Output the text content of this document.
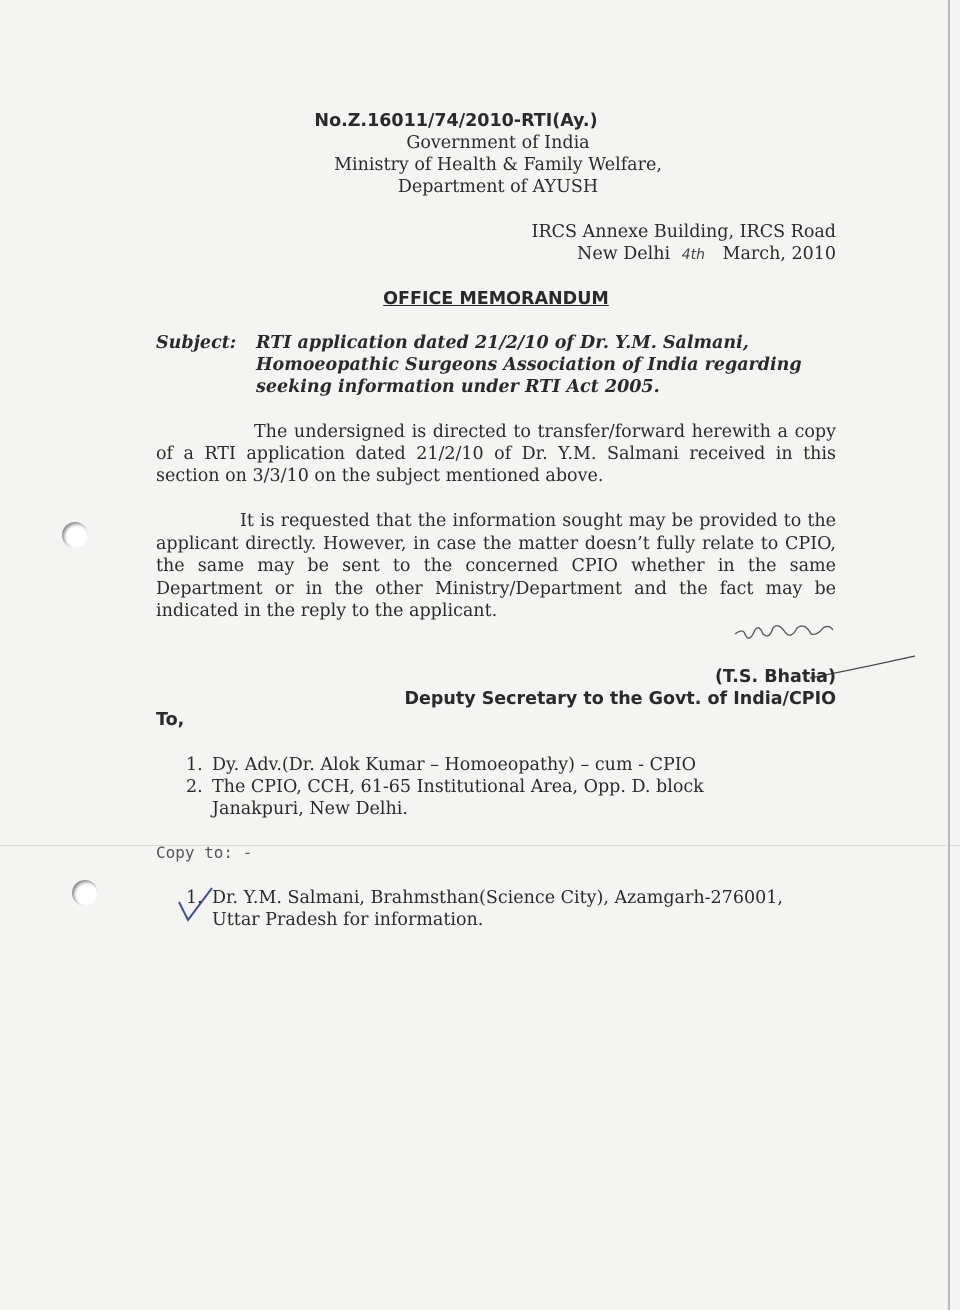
No.Z.16011/74/2010-RTI(Ay.)
Government of India
Ministry of Health & Family Welfare,
Department of AYUSH
IRCS Annexe Building, IRCS Road
New Delhi 4th March, 2010
OFFICE MEMORANDUM
Subject: RTI application dated 21/2/10 of Dr. Y.M. Salmani,
Homoeopathic Surgeons Association of India regarding
seeking information under RTI Act 2005.
The undersigned is directed to transfer/forward herewith a copy of a RTI application dated 21/2/10 of Dr. Y.M. Salmani received in this section on 3/3/10 on the subject mentioned above.
It is requested that the information sought may be provided to the applicant directly. However, in case the matter doesn’t fully relate to CPIO, the same may be sent to the concerned CPIO whether in the same Department or in the other Ministry/Department and the fact may be indicated in the reply to the applicant.
(T.S. Bhatia)
Deputy Secretary to the Govt. of India/CPIO
To,
1. Dy. Adv.(Dr. Alok Kumar – Homoeopathy) – cum - CPIO
2. The CPIO, CCH, 61-65 Institutional Area, Opp. D. block
Janakpuri, New Delhi.
Copy to: -
1. Dr. Y.M. Salmani, Brahmsthan(Science City), Azamgarh-276001,
Uttar Pradesh for information.
